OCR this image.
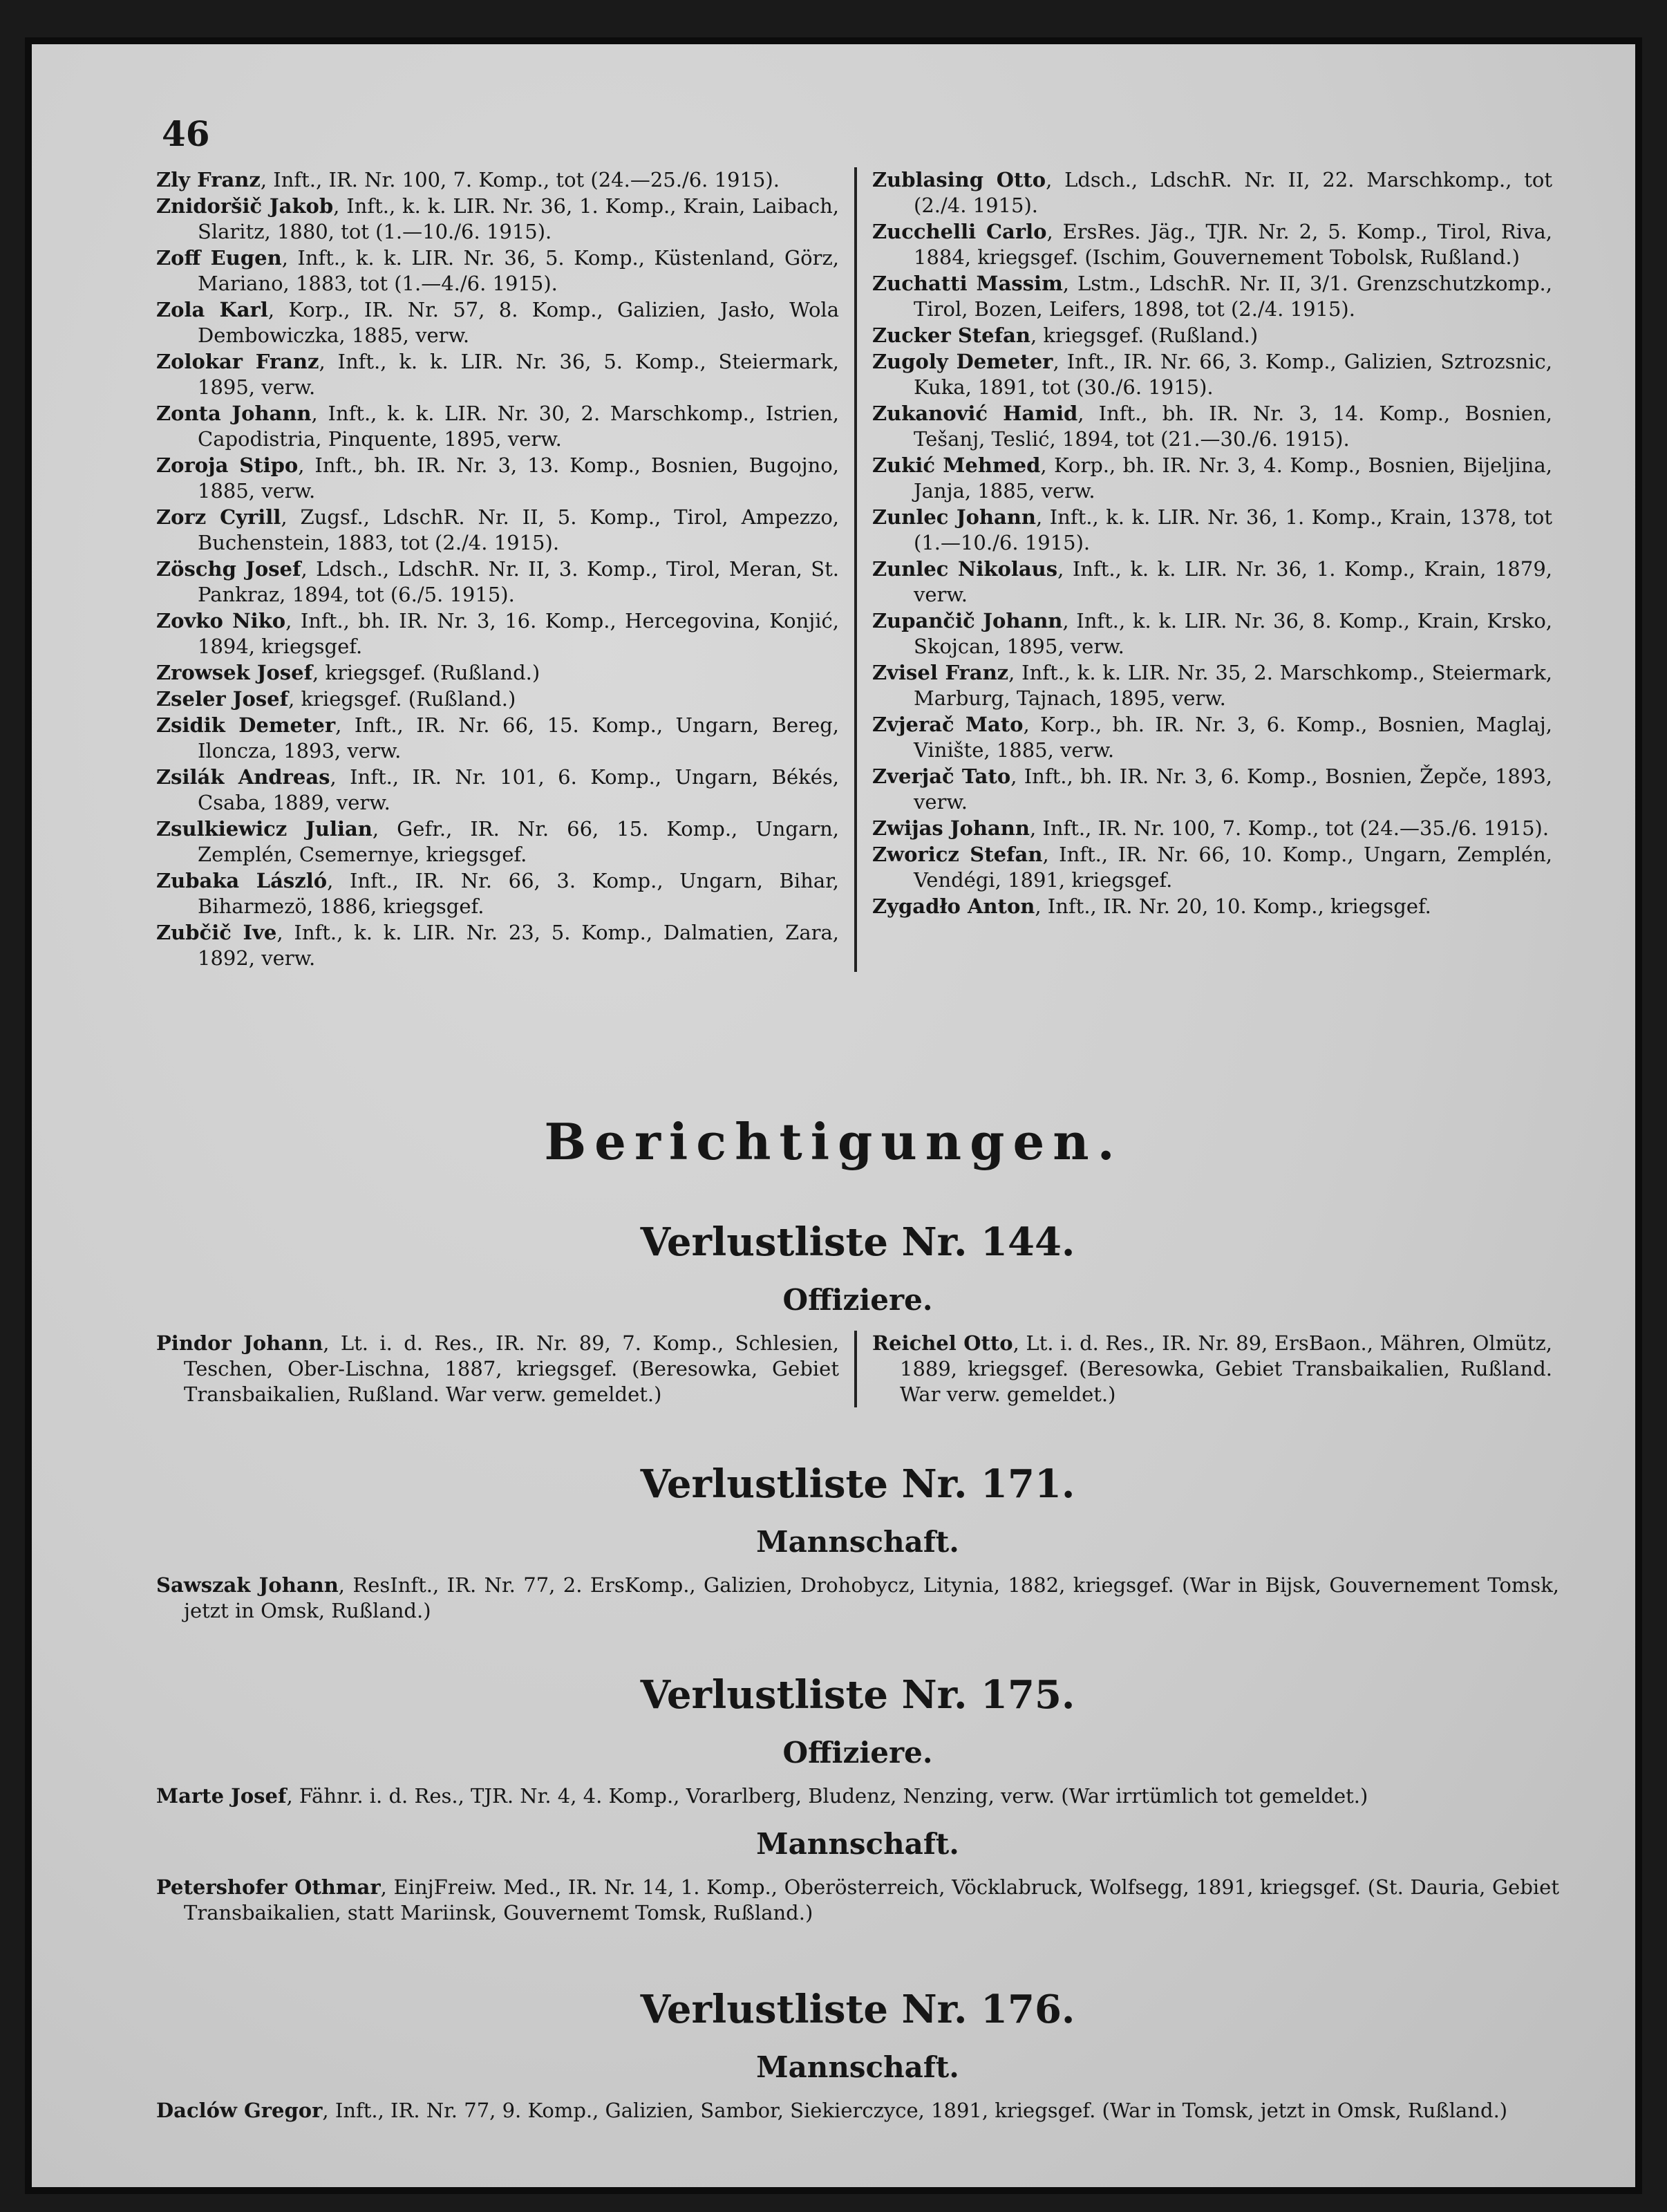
46
Zly Franz, Inft., IR. Nr. 100, 7. Komp., tot (24.—25./6. 1915).
Znidoršič Jakob, Inft., k. k. LIR. Nr. 36, 1. Komp., Krain, Laibach, Slaritz, 1880, tot (1.—10./6. 1915).
Zoff Eugen, Inft., k. k. LIR. Nr. 36, 5. Komp., Küstenland, Görz, Mariano, 1883, tot (1.—4./6. 1915).
Zola Karl, Korp., IR. Nr. 57, 8. Komp., Galizien, Jasło, Wola Dembowiczka, 1885, verw.
Zolokar Franz, Inft., k. k. LIR. Nr. 36, 5. Komp., Steiermark, 1895, verw.
Zonta Johann, Inft., k. k. LIR. Nr. 30, 2. Marschkomp., Istrien, Capodistria, Pinquente, 1895, verw.
Zoroja Stipo, Inft., bh. IR. Nr. 3, 13. Komp., Bosnien, Bugojno, 1885, verw.
Zorz Cyrill, Zugsf., LdschR. Nr. II, 5. Komp., Tirol, Ampezzo, Buchenstein, 1883, tot (2./4. 1915).
Zöschg Josef, Ldsch., LdschR. Nr. II, 3. Komp., Tirol, Meran, St. Pankraz, 1894, tot (6./5. 1915).
Zovko Niko, Inft., bh. IR. Nr. 3, 16. Komp., Hercegovina, Konjić, 1894, kriegsgef.
Zrowsek Josef, kriegsgef. (Rußland.)
Zseler Josef, kriegsgef. (Rußland.)
Zsidik Demeter, Inft., IR. Nr. 66, 15. Komp., Ungarn, Bereg, Iloncza, 1893, verw.
Zsilák Andreas, Inft., IR. Nr. 101, 6. Komp., Ungarn, Békés, Csaba, 1889, verw.
Zsulkiewicz Julian, Gefr., IR. Nr. 66, 15. Komp., Ungarn, Zemplén, Csemernye, kriegsgef.
Zubaka László, Inft., IR. Nr. 66, 3. Komp., Ungarn, Bihar, Biharmezö, 1886, kriegsgef.
Zubčič Ive, Inft., k. k. LIR. Nr. 23, 5. Komp., Dalmatien, Zara, 1892, verw.
Zublasing Otto, Ldsch., LdschR. Nr. II, 22. Marschkomp., tot (2./4. 1915).
Zucchelli Carlo, ErsRes. Jäg., TJR. Nr. 2, 5. Komp., Tirol, Riva, 1884, kriegsgef. (Ischim, Gouvernement Tobolsk, Rußland.)
Zuchatti Massim, Lstm., LdschR. Nr. II, 3/1. Grenzschutzkomp., Tirol, Bozen, Leifers, 1898, tot (2./4. 1915).
Zucker Stefan, kriegsgef. (Rußland.)
Zugoly Demeter, Inft., IR. Nr. 66, 3. Komp., Galizien, Sztrozsnic, Kuka, 1891, tot (30./6. 1915).
Zukanović Hamid, Inft., bh. IR. Nr. 3, 14. Komp., Bosnien, Tešanj, Teslić, 1894, tot (21.—30./6. 1915).
Zukić Mehmed, Korp., bh. IR. Nr. 3, 4. Komp., Bosnien, Bijeljina, Janja, 1885, verw.
Zunlec Johann, Inft., k. k. LIR. Nr. 36, 1. Komp., Krain, 1378, tot (1.—10./6. 1915).
Zunlec Nikolaus, Inft., k. k. LIR. Nr. 36, 1. Komp., Krain, 1879, verw.
Zupančič Johann, Inft., k. k. LIR. Nr. 36, 8. Komp., Krain, Krsko, Skojcan, 1895, verw.
Zvisel Franz, Inft., k. k. LIR. Nr. 35, 2. Marschkomp., Steiermark, Marburg, Tajnach, 1895, verw.
Zvjerač Mato, Korp., bh. IR. Nr. 3, 6. Komp., Bosnien, Maglaj, Vinište, 1885, verw.
Zverjač Tato, Inft., bh. IR. Nr. 3, 6. Komp., Bosnien, Žepče, 1893, verw.
Zwijas Johann, Inft., IR. Nr. 100, 7. Komp., tot (24.—35./6. 1915).
Zworicz Stefan, Inft., IR. Nr. 66, 10. Komp., Ungarn, Zemplén, Vendégi, 1891, kriegsgef.
Zygadło Anton, Inft., IR. Nr. 20, 10. Komp., kriegsgef.
Berichtigungen.
Verlustliste Nr. 144.
Offiziere.
Pindor Johann, Lt. i. d. Res., IR. Nr. 89, 7. Komp., Schlesien, Teschen, Ober-Lischna, 1887, kriegsgef. (Beresowka, Gebiet Transbaikalien, Rußland. War verw. gemeldet.)
Reichel Otto, Lt. i. d. Res., IR. Nr. 89, ErsBaon., Mähren, Olmütz, 1889, kriegsgef. (Beresowka, Gebiet Transbaikalien, Rußland. War verw. gemeldet.)
Verlustliste Nr. 171.
Mannschaft.
Sawszak Johann, ResInft., IR. Nr. 77, 2. ErsKomp., Galizien, Drohobycz, Litynia, 1882, kriegsgef. (War in Bijsk, Gouvernement Tomsk, jetzt in Omsk, Rußland.)
Verlustliste Nr. 175.
Offiziere.
Marte Josef, Fähnr. i. d. Res., TJR. Nr. 4, 4. Komp., Vorarlberg, Bludenz, Nenzing, verw. (War irrtümlich tot gemeldet.)
Mannschaft.
Petershofer Othmar, EinjFreiw. Med., IR. Nr. 14, 1. Komp., Oberösterreich, Vöcklabruck, Wolfsegg, 1891, kriegsgef. (St. Dauria, Gebiet Transbaikalien, statt Mariinsk, Gouvernemt Tomsk, Rußland.)
Verlustliste Nr. 176.
Mannschaft.
Daclów Gregor, Inft., IR. Nr. 77, 9. Komp., Galizien, Sambor, Siekierczyce, 1891, kriegsgef. (War in Tomsk, jetzt in Omsk, Rußland.)
